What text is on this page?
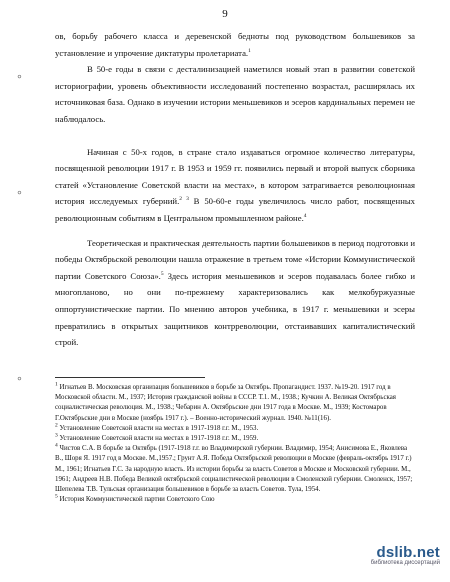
9
∘
∘
∘

ов, борьбу рабочего класса и деревенской бедноты под руководством большевиков за установление и упрочение диктатуры пролетариата.$^1$

В 50-е годы в связи с десталинизацией наметился новый этап в развитии советской историографии, уровень объективности исследований постепенно возрастал, расширялась их источниковая база. Однако в изучении истории меньшевиков и эсеров кардинальных перемен не наблюдалось.

Начиная с 50-х годов, в стране стало издаваться огромное количество литературы, посвященной революции 1917 г. В 1953 и 1959 гг. появились первый и второй выпуск сборника статей «Установление Советской власти на местах», в котором затрагивается революционная история исследуемых губерний.$^{2 3}$ В 50-60-е годы увеличилось число работ, посвященных революционным событиям в Центральном промышленном районе.$^4$

Теоретическая и практическая деятельность партии большевиков в период подготовки и победы Октябрьской революции нашла отражение в третьем томе «Истории Коммунистической партии Советского Союза».$^5$ Здесь история меньшевиков и эсеров подавалась более гибко и многопланово, но они по-прежнему характеризовались как мелкобуржуазные оппортунистические партии. По мнению авторов учебника, в 1917 г. меньшевики и эсеры превратились в открытых защитников контрреволюции, отстаивавших капиталистический строй.

$^1$ Игнатьев В. Московская организация большевиков в борьбе за Октябрь. Пропагандист. 1937. №19-20. 1917 год в Московской области. М., 1937; История гражданской войны в СССР. Т.1. М., 1938.; Кучкин А. Великая Октябрьская социалистическая революция. М., 1938.; Чебарин А. Октябрьские дни 1917 года в Москве. М., 1939; Костомаров Г.Октябрьские дни в Москве (ноябрь 1917 г.). – Военно-исторический журнал. 1940. №11(16).

$^2$ Установление Советской власти на местах в 1917-1918 г.г. М., 1953.

$^3$ Установление Советской власти на местах в 1917-1918 г.г. М., 1959.

$^4$ Чистов С.А. В борьбе за Октябрь (1917-1918 г.г. во Владимирской губернии. Владимир, 1954; Анисимова Е., Яковлева В., Шоря Я. 1917 год в Москве. М.,1957.; Грунт А.Я. Победа Октябрьской революции в Москве (февраль-октябрь 1917 г.) М., 1961; Игнатьев Г.С. За народную власть. Из истории борьбы за власть Советов в Москве и Московской губернии. М., 1961; Андреев Н.В. Победа Великой октябрьской социалистической революции в Смоленской губернии. Смоленск, 1957; Шепелева Т.В. Тульская организация большевиков в борьбе за власть Советов. Тула, 1954.

$^5$ История Коммунистической партии Советского Сою

dslib.net
библиотека диссертаций
